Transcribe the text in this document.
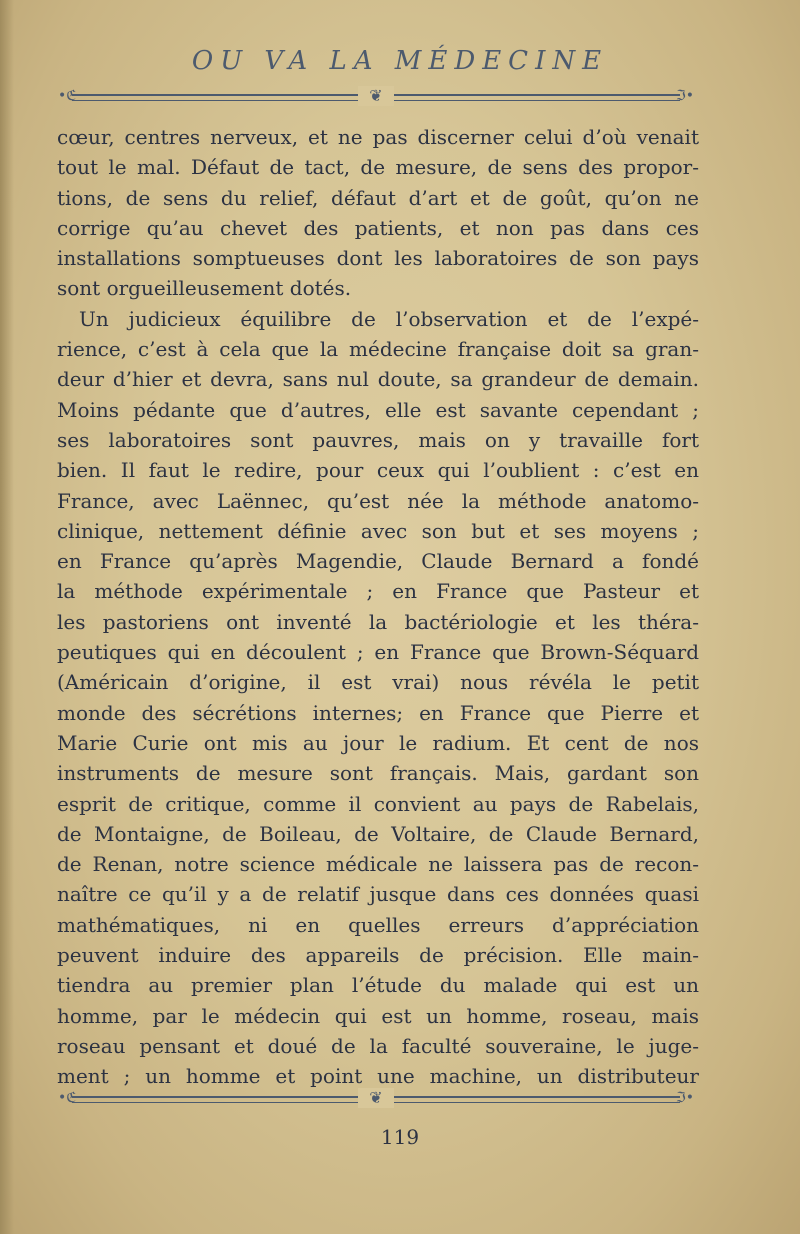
OU VA LA MÉDECINE
•ℭ	❦	ℑ•
cœur, centres nerveux, et ne pas discerner celui d’où venait
tout le mal. Défaut de tact, de mesure, de sens des propor-
tions, de sens du relief, défaut d’art et de goût, qu’on ne
corrige qu’au chevet des patients, et non pas dans ces
installations somptueuses dont les laboratoires de son pays
sont orgueilleusement dotés.
Un judicieux équilibre de l’observation et de l’expé-
rience, c’est à cela que la médecine française doit sa gran-
deur d’hier et devra, sans nul doute, sa grandeur de demain.
Moins pédante que d’autres, elle est savante cependant ;
ses laboratoires sont pauvres, mais on y travaille fort
bien. Il faut le redire, pour ceux qui l’oublient : c’est en
France, avec Laënnec, qu’est née la méthode anatomo-
clinique, nettement définie avec son but et ses moyens ;
en France qu’après Magendie, Claude Bernard a fondé
la méthode expérimentale ; en France que Pasteur et
les pastoriens ont inventé la bactériologie et les théra-
peutiques qui en découlent ; en France que Brown-Séquard
(Américain d’origine, il est vrai) nous révéla le petit
monde des sécrétions internes; en France que Pierre et
Marie Curie ont mis au jour le radium. Et cent de nos
instruments de mesure sont français. Mais, gardant son
esprit de critique, comme il convient au pays de Rabelais,
de Montaigne, de Boileau, de Voltaire, de Claude Bernard,
de Renan, notre science médicale ne laissera pas de recon-
naître ce qu’il y a de relatif jusque dans ces données quasi
mathématiques, ni en quelles erreurs d’appréciation
peuvent induire des appareils de précision. Elle main-
tiendra au premier plan l’étude du malade qui est un
homme, par le médecin qui est un homme, roseau, mais
roseau pensant et doué de la faculté souveraine, le juge-
ment ; un homme et point une machine, un distributeur
•ℭ	❦	ℑ•
119
